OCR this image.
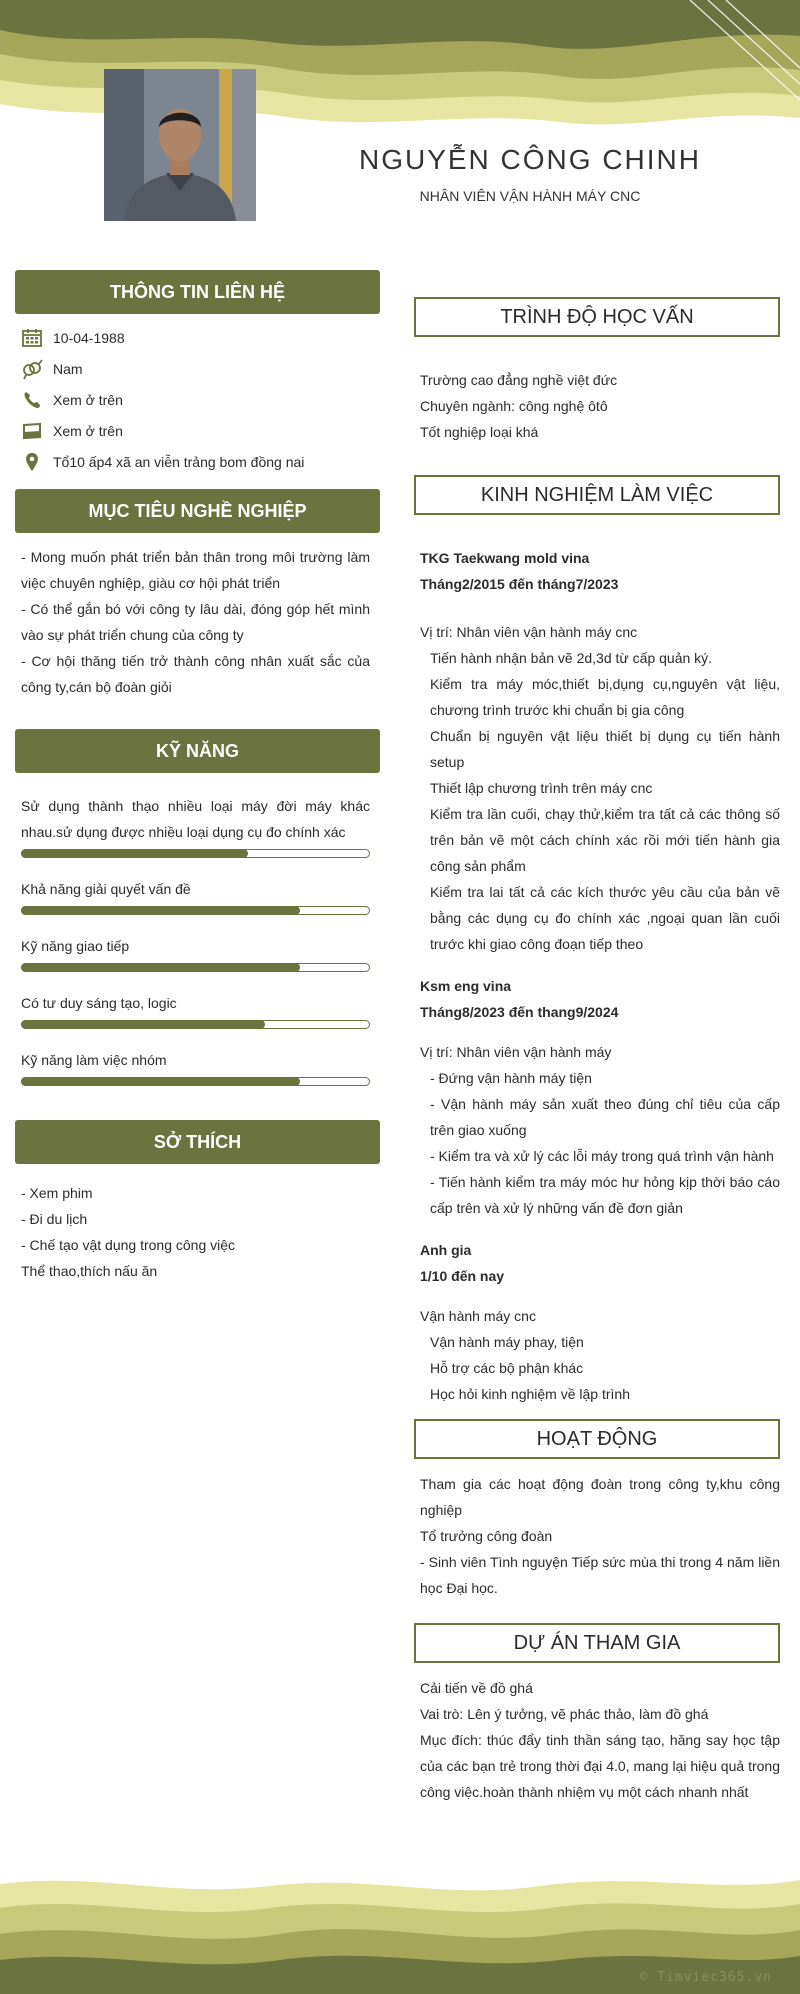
NGUYỄN CÔNG CHINH
NHÂN VIÊN VẬN HÀNH MÁY CNC
THÔNG TIN LIÊN HỆ
10-04-1988
Nam
Xem ở trên
Xem ở trên
Tổ10 ấp4 xã an viễn trảng bom đồng nai
MỤC TIÊU NGHỀ NGHIỆP
- Mong muốn phát triển bản thân trong môi trường làm việc chuyên nghiệp, giàu cơ hội phát triển
- Có thể gắn bó với công ty lâu dài, đóng góp hết mình vào sự phát triển chung của công ty
- Cơ hội thăng tiến trở thành công nhân xuất sắc của công ty,cán bộ đoàn giỏi
KỸ NĂNG
Sử dụng thành thạo nhiều loại máy đời máy khác nhau.sử dụng được nhiều loại dụng cụ đo chính xác
Khả năng giải quyết vấn đề
Kỹ năng giao tiếp
Có tư duy sáng tạo, logic
Kỹ năng làm việc nhóm
SỞ THÍCH
- Xem phim
- Đi du lịch
- Chế tạo vật dụng trong công việc
Thể thao,thích nấu ăn
TRÌNH ĐỘ HỌC VẤN
Trường cao đẳng nghề việt đức
Chuyên ngành: công nghệ ôtô
Tốt nghiệp loại khá
KINH NGHIỆM LÀM VIỆC
TKG Taekwang mold vina
Tháng2/2015 đến tháng7/2023
Vị trí: Nhân viên vận hành máy cnc
Tiến hành nhận bản vẽ 2d,3d từ cấp quản ký.
Kiểm tra máy móc,thiết bị,dụng cụ,nguyên vật liệu, chương trình trước khi chuẩn bị gia công
Chuẩn bị nguyên vật liệu thiết bị dụng cụ tiến hành setup
Thiết lập chương trình trên máy cnc
Kiểm tra lần cuối, chạy thử,kiểm tra tất cả các thông số trên bản vẽ một cách chính xác rồi mới tiến hành gia công sản phẩm
Kiểm tra lai tất cả các kích thước yêu cầu của bản vẽ bằng các dụng cụ đo chính xác ,ngoại quan lần cuối trước khi giao công đoạn tiếp theo
Ksm eng vina
Tháng8/2023 đến thang9/2024
Vị trí: Nhân viên vận hành máy
- Đứng vận hành máy tiện
- Vận hành máy sản xuất theo đúng chỉ tiêu của cấp trên giao xuống
- Kiểm tra và xử lý các lỗi máy trong quá trình vận hành
- Tiến hành kiểm tra máy móc hư hỏng kịp thời báo cáo cấp trên và xử lý những vấn đề đơn giản
Anh gia
1/10 đến nay
Vận hành máy cnc
Vận hành máy phay, tiện
Hỗ trợ các bộ phận khác
Học hỏi kinh nghiệm về lập trình
HOẠT ĐỘNG
Tham gia các hoạt động đoàn trong công ty,khu công nghiệp
Tổ trưởng công đoàn
- Sinh viên Tình nguyện Tiếp sức mùa thi trong 4 năm liền học Đại học.
DỰ ÁN THAM GIA
Cải tiến về đồ ghá
Vai trò: Lên ý tưởng, vẽ phác thảo, làm đồ ghá
Mục đích: thúc đẩy tinh thần sáng tạo, hăng say học tập của các bạn trẻ trong thời đại 4.0, mang lại hiệu quả trong công việc.hoàn thành nhiệm vụ một cách nhanh nhất
© Timviec365.vn
